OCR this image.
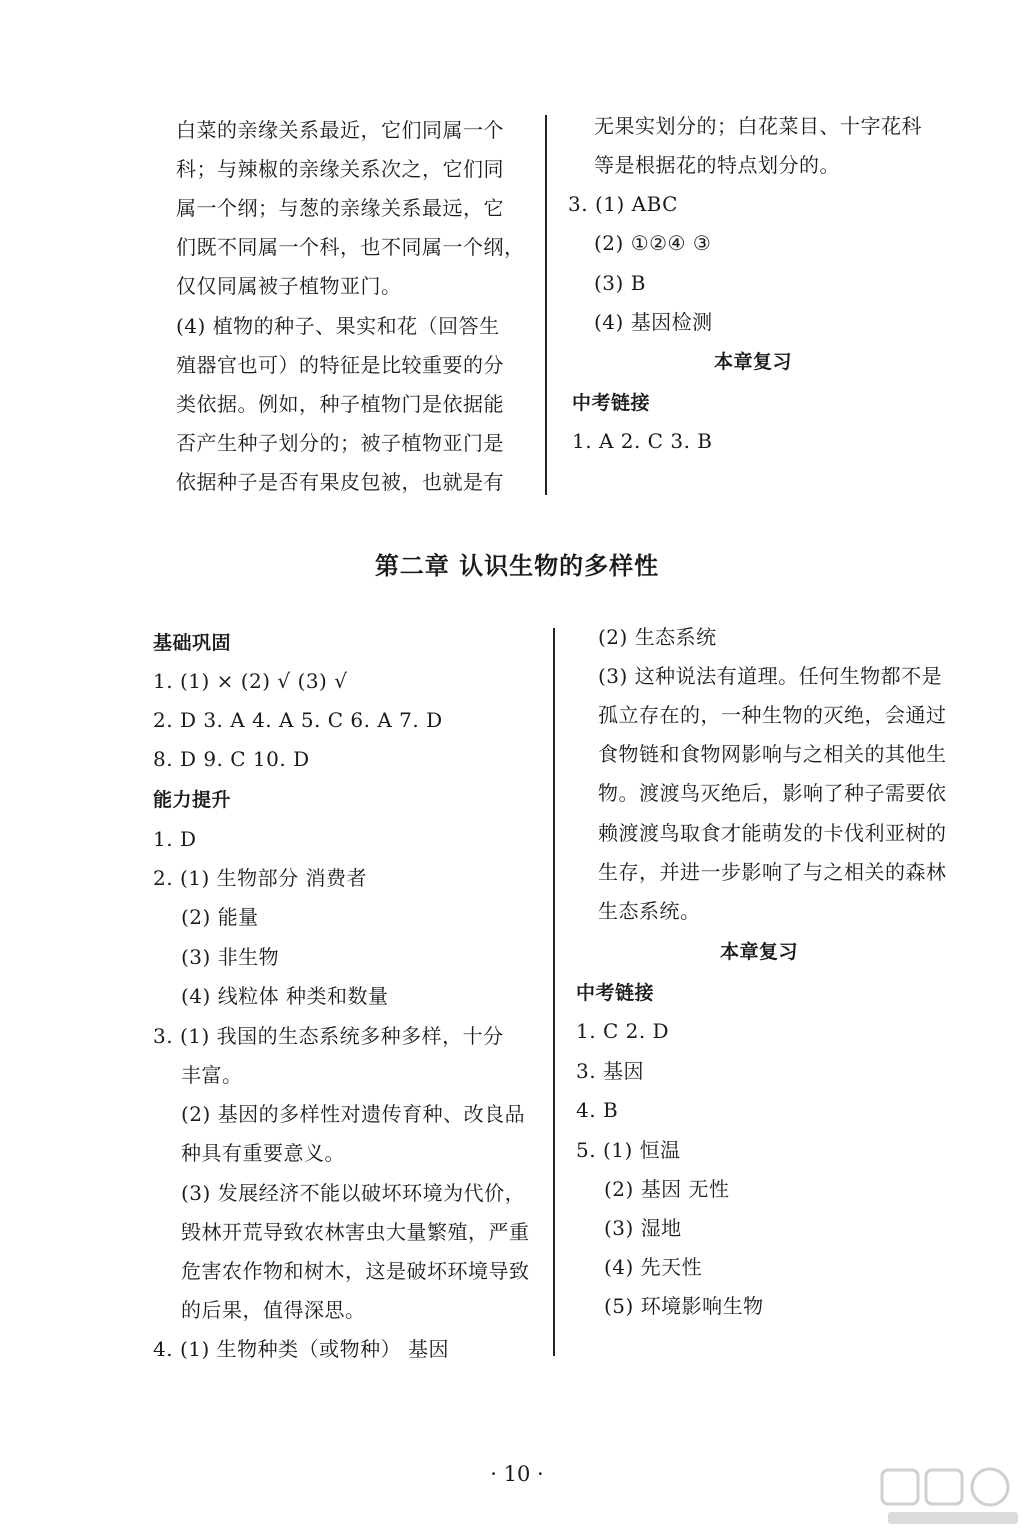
白菜的亲缘关系最近，它们同属一个
科；与辣椒的亲缘关系次之，它们同
属一个纲；与葱的亲缘关系最远，它
们既不同属一个科，也不同属一个纲，
仅仅同属被子植物亚门。
(4) 植物的种子、果实和花（回答生
殖器官也可）的特征是比较重要的分
类依据。例如，种子植物门是依据能
否产生种子划分的；被子植物亚门是
依据种子是否有果皮包被，也就是有
无果实划分的；白花菜目、十字花科
等是根据花的特点划分的。
3. (1) ABC
(2) ①②④ ③
(3) B
(4) 基因检测
本章复习
中考链接
1. A 2. C 3. B
第二章 认识生物的多样性
基础巩固
1. (1) × (2) √ (3) √
2. D 3. A 4. A 5. C 6. A 7. D
8. D 9. C 10. D
能力提升
1. D
2. (1) 生物部分 消费者
(2) 能量
(3) 非生物
(4) 线粒体 种类和数量
3. (1) 我国的生态系统多种多样，十分
丰富。
(2) 基因的多样性对遗传育种、改良品
种具有重要意义。
(3) 发展经济不能以破坏环境为代价，
毁林开荒导致农林害虫大量繁殖，严重
危害农作物和树木，这是破坏环境导致
的后果，值得深思。
4. (1) 生物种类（或物种） 基因
(2) 生态系统
(3) 这种说法有道理。任何生物都不是
孤立存在的，一种生物的灭绝，会通过
食物链和食物网影响与之相关的其他生
物。渡渡鸟灭绝后，影响了种子需要依
赖渡渡鸟取食才能萌发的卡伐利亚树的
生存，并进一步影响了与之相关的森林
生态系统。
本章复习
中考链接
1. C 2. D
3. 基因
4. B
5. (1) 恒温
(2) 基因 无性
(3) 湿地
(4) 先天性
(5) 环境影响生物
· 10 ·
